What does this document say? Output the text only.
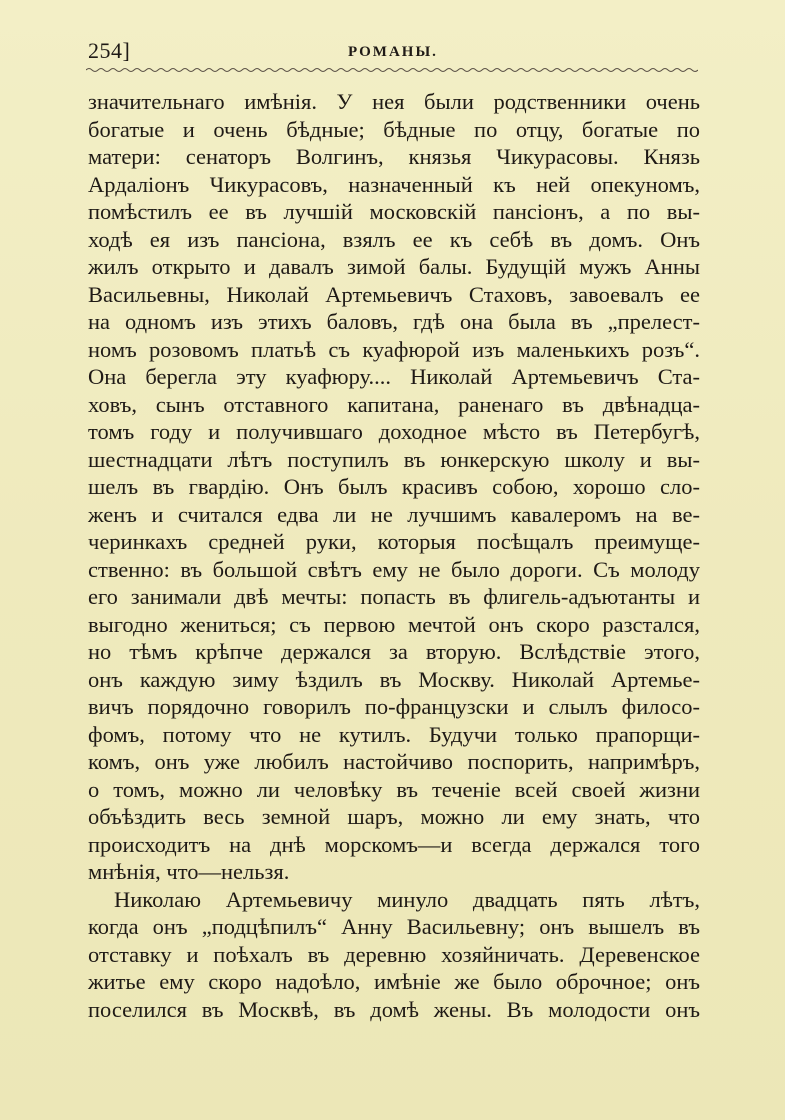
254]	РОМАНЫ.
значительнаго имѣнія. У нея были родственники очень
богатые и очень бѣдные; бѣдные по отцу, богатые по
матери: сенаторъ Волгинъ, князья Чикурасовы. Князь
Ардаліонъ Чикурасовъ, назначенный къ ней опекуномъ,
помѣстилъ ее въ лучшій московскій пансіонъ, а по вы-
ходѣ ея изъ пансіона, взялъ ее къ себѣ въ домъ. Онъ
жилъ открыто и давалъ зимой балы. Будущій мужъ Анны
Васильевны, Николай Артемьевичъ Стаховъ, завоевалъ ее
на одномъ изъ этихъ баловъ, гдѣ она была въ „прелест-
номъ розовомъ платьѣ съ куафюрой изъ маленькихъ розъ“.
Она берегла эту куафюру.... Николай Артемьевичъ Ста-
ховъ, сынъ отставного капитана, раненаго въ двѣнадца-
томъ году и получившаго доходное мѣсто въ Петербугѣ,
шестнадцати лѣтъ поступилъ въ юнкерскую школу и вы-
шелъ въ гвардію. Онъ былъ красивъ собою, хорошо сло-
женъ и считался едва ли не лучшимъ кавалеромъ на ве-
черинкахъ средней руки, которыя посѣщалъ преимуще-
ственно: въ большой свѣтъ ему не было дороги. Съ молоду
его занимали двѣ мечты: попасть въ флигель-адъютанты и
выгодно жениться; съ первою мечтой онъ скоро разстался,
но тѣмъ крѣпче держался за вторую. Вслѣдствіе этого,
онъ каждую зиму ѣздилъ въ Москву. Николай Артемье-
вичъ порядочно говорилъ по-французски и слылъ филосо-
фомъ, потому что не кутилъ. Будучи только прапорщи-
комъ, онъ уже любилъ настойчиво поспорить, напримѣръ,
о томъ, можно ли человѣку въ теченіе всей своей жизни
объѣздить весь земной шаръ, можно ли ему знать, что
происходитъ на днѣ морскомъ—и всегда держался того
мнѣнія, что—нельзя.
Николаю Артемьевичу минуло двадцать пять лѣтъ,
когда онъ „подцѣпилъ“ Анну Васильевну; онъ вышелъ въ
отставку и поѣхалъ въ деревню хозяйничать. Деревенское
житье ему скоро надоѣло, имѣніе же было оброчное; онъ
поселился въ Москвѣ, въ домѣ жены. Въ молодости онъ
